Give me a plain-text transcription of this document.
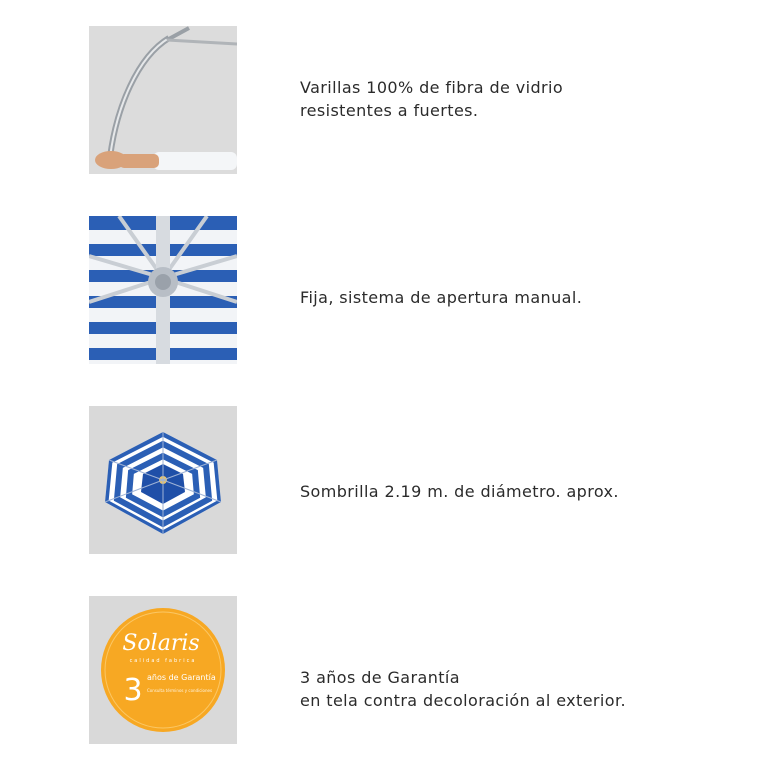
Varillas 100% de fibra de vidrio
resistentes a fuertes.
Fija, sistema de apertura manual.
Sombrilla 2.19 m. de diámetro. aprox.
Solaris
calidad fabrica
3 años de Garantía
Consulta términos y condiciones
3 años de Garantía
en tela contra decoloración al exterior.
